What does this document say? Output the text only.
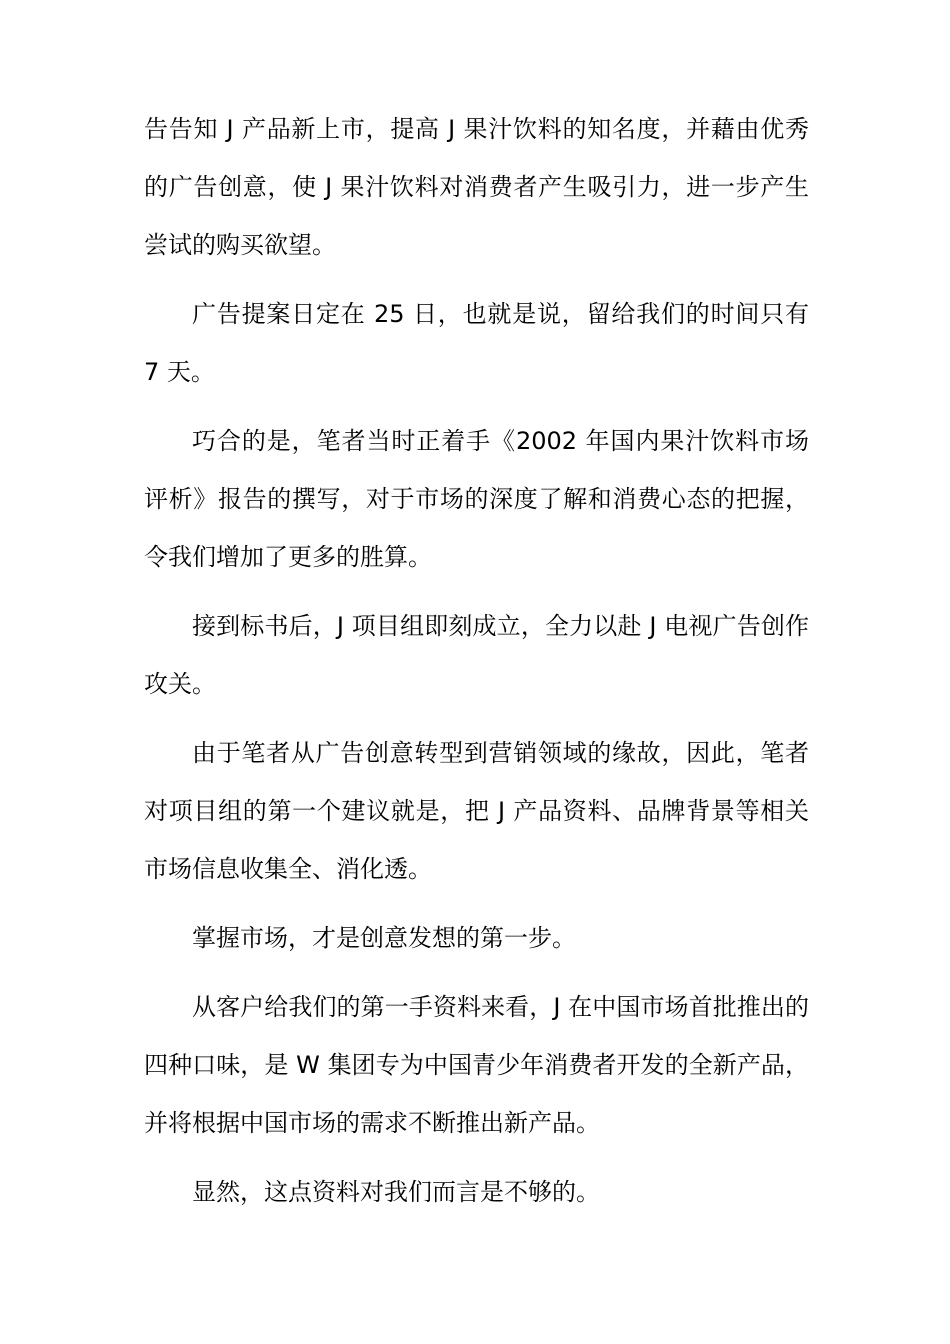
告告知 J 产品新上市，提高 J 果汁饮料的知名度，并藉由优秀的广告创意，使 J 果汁饮料对消费者产生吸引力，进一步产生尝试的购买欲望。

广告提案日定在 25 日，也就是说，留给我们的时间只有 7 天。

巧合的是，笔者当时正着手《2002 年国内果汁饮料市场评析》报告的撰写，对于市场的深度了解和消费心态的把握，令我们增加了更多的胜算。

接到标书后，J 项目组即刻成立，全力以赴 J 电视广告创作攻关。

由于笔者从广告创意转型到营销领域的缘故，因此，笔者对项目组的第一个建议就是，把 J 产品资料、品牌背景等相关市场信息收集全、消化透。

掌握市场，才是创意发想的第一步。

从客户给我们的第一手资料来看，J 在中国市场首批推出的四种口味，是 W 集团专为中国青少年消费者开发的全新产品，并将根据中国市场的需求不断推出新产品。

显然，这点资料对我们而言是不够的。
